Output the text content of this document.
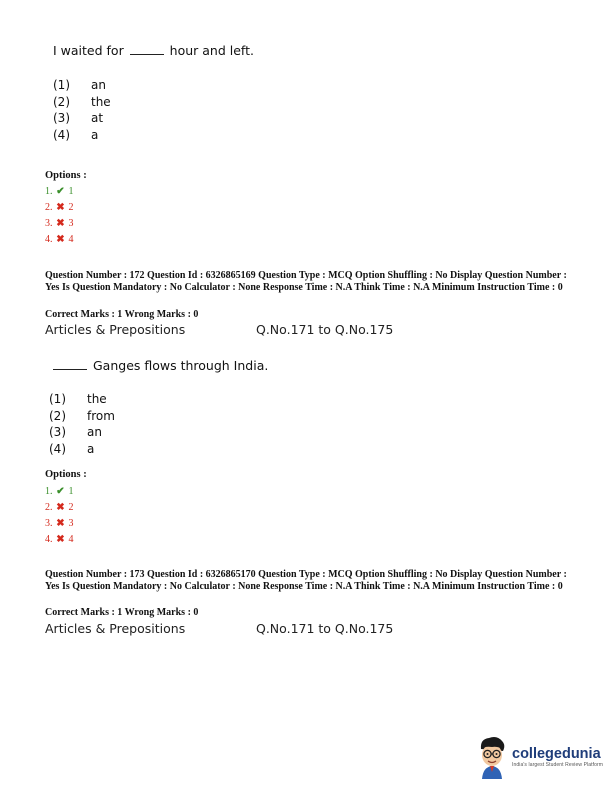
I waited for	hour and left.
(1)	an
(2)	the
(3)	at
(4)	a
Options :
1. ✔ 1
2. ✖ 2
3. ✖ 3
4. ✖ 4
Question Number : 172 Question Id : 6326865169 Question Type : MCQ Option Shuffling : No Display Question Number : Yes Is Question Mandatory : No Calculator : None Response Time : N.A Think Time : N.A Minimum Instruction Time : 0
Correct Marks : 1 Wrong Marks : 0
Articles & Prepositions	Q.No.171 to Q.No.175
Ganges flows through India.
(1)	the
(2)	from
(3)	an
(4)	a
Options :
1. ✔ 1
2. ✖ 2
3. ✖ 3
4. ✖ 4
Question Number : 173 Question Id : 6326865170 Question Type : MCQ Option Shuffling : No Display Question Number : Yes Is Question Mandatory : No Calculator : None Response Time : N.A Think Time : N.A Minimum Instruction Time : 0
Correct Marks : 1 Wrong Marks : 0
Articles & Prepositions	Q.No.171 to Q.No.175
collegedunia
India's largest Student Review Platform
